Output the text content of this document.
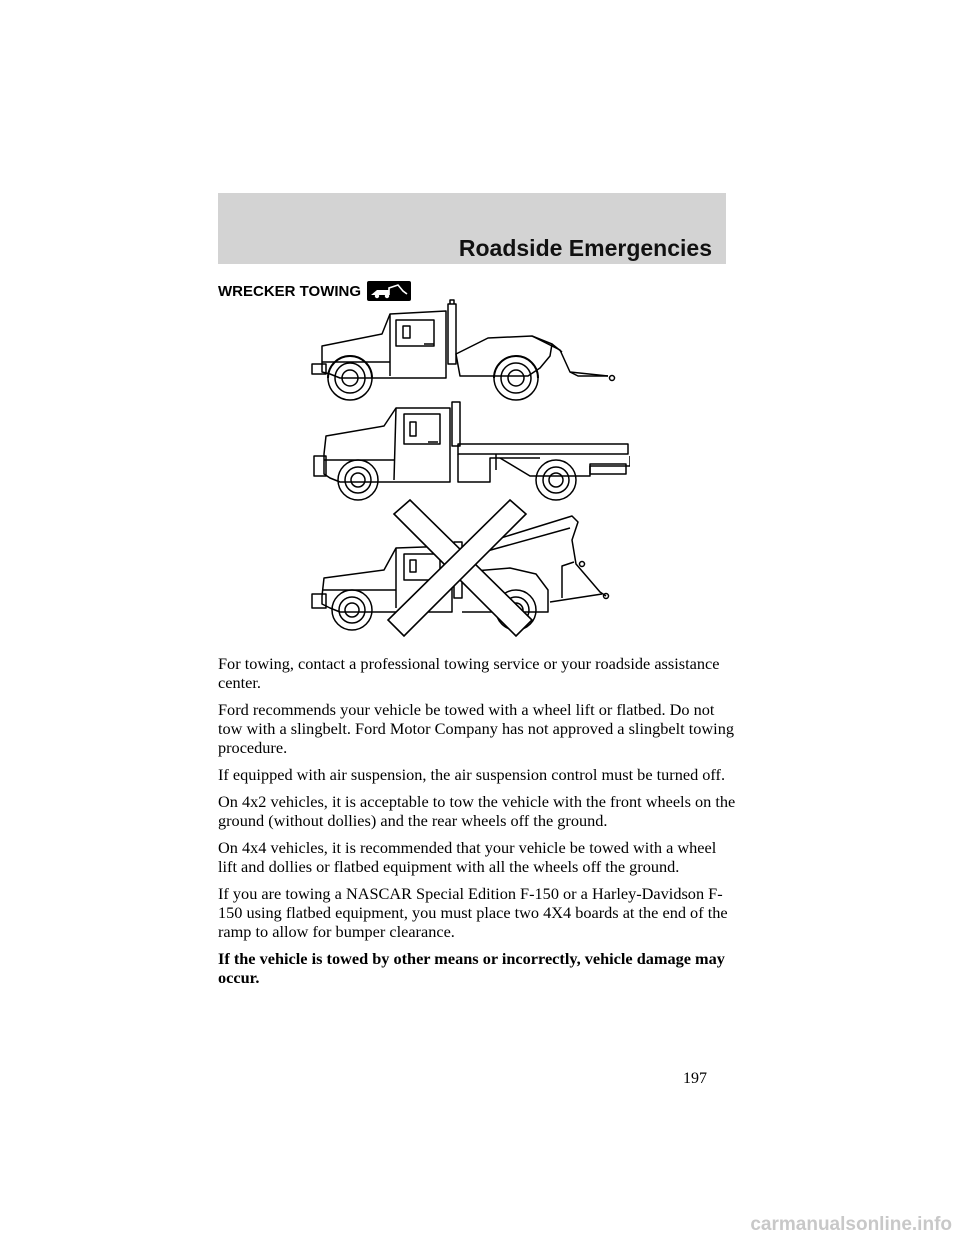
Roadside Emergencies
WRECKER TOWING

For towing, contact a professional towing service or your roadside assistance center.

Ford recommends your vehicle be towed with a wheel lift or flatbed. Do not tow with a slingbelt. Ford Motor Company has not approved a slingbelt towing procedure.

If equipped with air suspension, the air suspension control must be turned off.

On 4x2 vehicles, it is acceptable to tow the vehicle with the front wheels on the ground (without dollies) and the rear wheels off the ground.

On 4x4 vehicles, it is recommended that your vehicle be towed with a wheel lift and dollies or flatbed equipment with all the wheels off the ground.

If you are towing a NASCAR Special Edition F-150 or a Harley-Davidson F-150 using flatbed equipment, you must place two 4X4 boards at the end of the ramp to allow for bumper clearance.

If the vehicle is towed by other means or incorrectly, vehicle damage may occur.

197
carmanualsonline.info
